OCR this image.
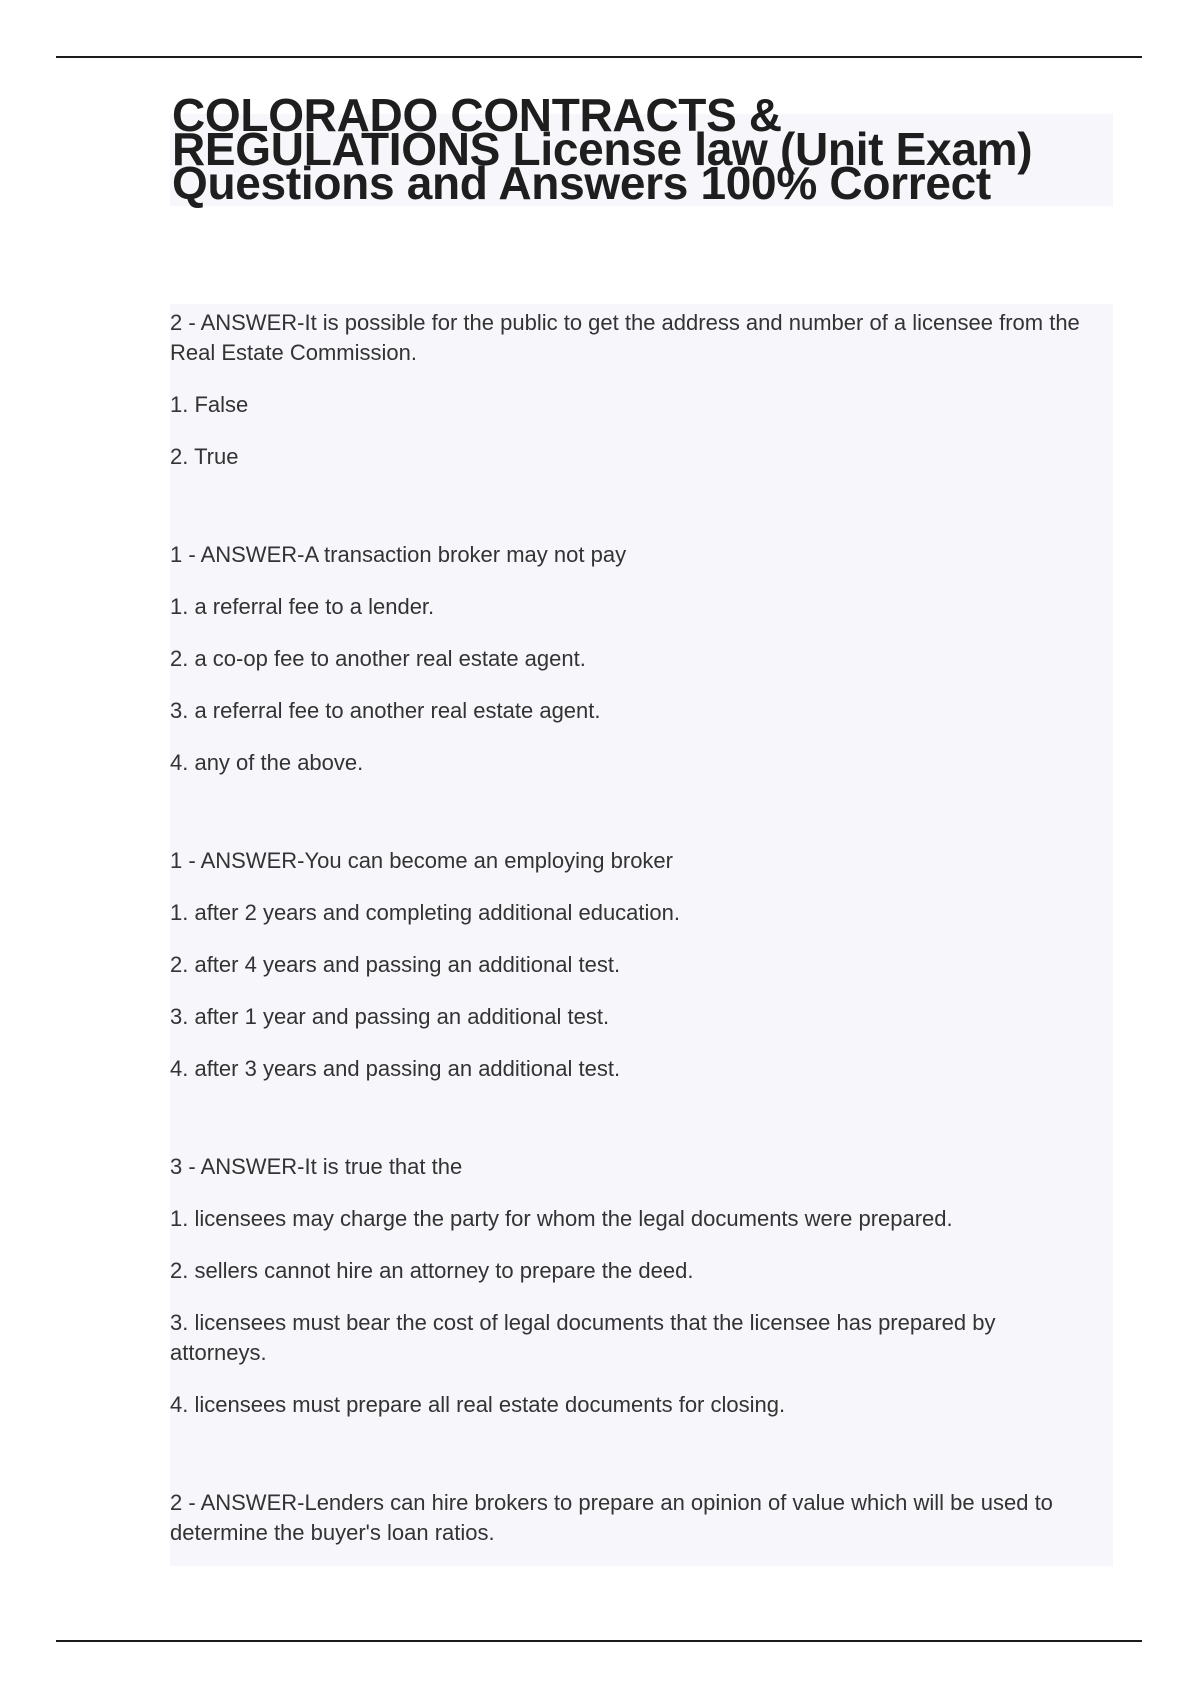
COLORADO CONTRACTS & REGULATIONS License law (Unit Exam) Questions and Answers 100% Correct

2 - ANSWER-It is possible for the public to get the address and number of a licensee from the Real Estate Commission.

1. False

2. True

1 - ANSWER-A transaction broker may not pay

1. a referral fee to a lender.

2. a co-op fee to another real estate agent.

3. a referral fee to another real estate agent.

4. any of the above.

1 - ANSWER-You can become an employing broker

1. after 2 years and completing additional education.

2. after 4 years and passing an additional test.

3. after 1 year and passing an additional test.

4. after 3 years and passing an additional test.

3 - ANSWER-It is true that the

1. licensees may charge the party for whom the legal documents were prepared.

2. sellers cannot hire an attorney to prepare the deed.

3. licensees must bear the cost of legal documents that the licensee has prepared by attorneys.

4. licensees must prepare all real estate documents for closing.

2 - ANSWER-Lenders can hire brokers to prepare an opinion of value which will be used to determine the buyer's loan ratios.
